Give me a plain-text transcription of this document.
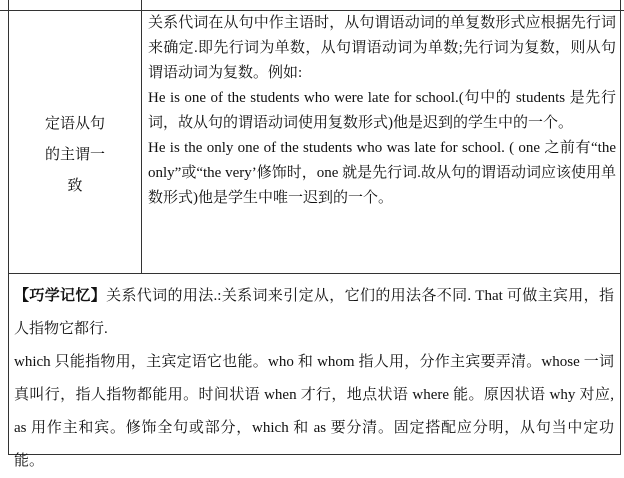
定语从句的主谓一致

关系代词在从句中作主语时，从句谓语动词的单复数形式应根据先行词来确定.即先行词为单数，从句谓语动词为单数;先行词为复数，则从句谓语动词为复数。例如:

He is one of the students who were late for school.(句中的 students 是先行词，故从句的谓语动词使用复数形式)他是迟到的学生中的一个。

He is the only one of the students who was late for school. ( one 之前有“the only”或“the very’修饰时，one 就是先行词.故从句的谓语动词应该使用单数形式)他是学生中唯一迟到的一个。

【巧学记忆】关系代词的用法.:关系词来引定从，它们的用法各不同. That 可做主宾用，指人指物它都行.

which 只能指物用，主宾定语它也能。who 和 whom 指人用，分作主宾要弄清。whose 一词真叫行，指人指物都能用。时间状语 when 才行，地点状语 where 能。原因状语 why 对应, as 用作主和宾。修饰全句或部分，which 和 as 要分清。固定搭配应分明，从句当中定功能。
